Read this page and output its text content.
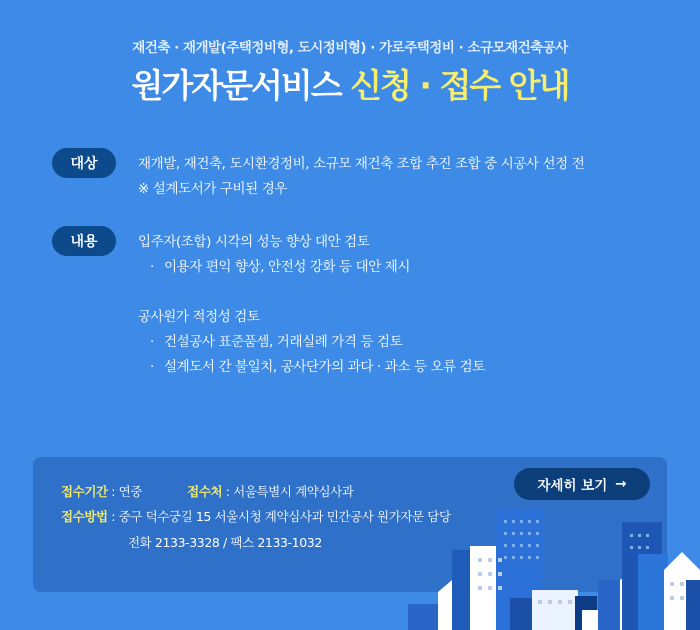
재건축 · 재개발(주택정비형, 도시정비형) · 가로주택정비 · 소규모재건축공사
원가자문서비스 신청 · 접수 안내
대상	재개발, 재건축, 도시환경정비, 소규모 재건축 조합 추진 조합 중 시공사 선정 전
※ 설계도서가 구비된 경우
내용	입주자(조합) 시각의 성능 향상 대안 검토
· 이용자 편익 향상, 안전성 강화 등 대안 제시
공사원가 적정성 검토
· 건설공사 표준품셈, 거래실례 가격 등 검토
· 설계도서 간 불일치, 공사단가의 과다 · 과소 등 오류 검토
접수기간 : 연중	접수처 : 서울특별시 계약심사과
접수방법 : 중구 덕수궁길 15 서울시청 계약심사과 민간공사 원가자문 담당
전화 2133-3328 / 팩스 2133-1032
자세히 보기 →
